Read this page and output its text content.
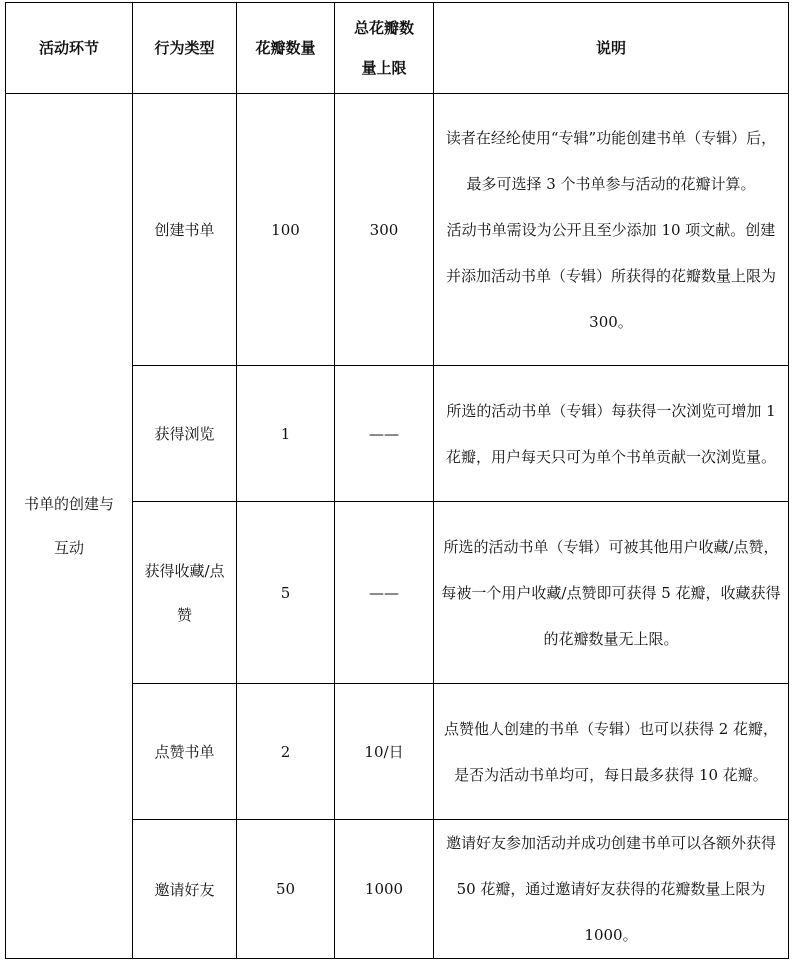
活动环节	行为类型	花瓣数量	总花瓣数量上限	说明
书单的创建与互动	创建书单	100	300	读者在经纶使用“专辑”功能创建书单（专辑）后，最多可选择 3 个书单参与活动的花瓣计算。

活动书单需设为公开且至少添加 10 项文献。创建并添加活动书单（专辑）所获得的花瓣数量上限为 300。

	获得浏览	1	——	所选的活动书单（专辑）每获得一次浏览可增加 1 花瓣，用户每天只可为单个书单贡献一次浏览量。

	获得收藏/点赞	5	——	所选的活动书单（专辑）可被其他用户收藏/点赞，每被一个用户收藏/点赞即可获得 5 花瓣，收藏获得的花瓣数量无上限。

	点赞书单	2	10/日	点赞他人创建的书单（专辑）也可以获得 2 花瓣，是否为活动书单均可，每日最多获得 10 花瓣。

	邀请好友	50	1000	邀请好友参加活动并成功创建书单可以各额外获得 50 花瓣，通过邀请好友获得的花瓣数量上限为 1000。
